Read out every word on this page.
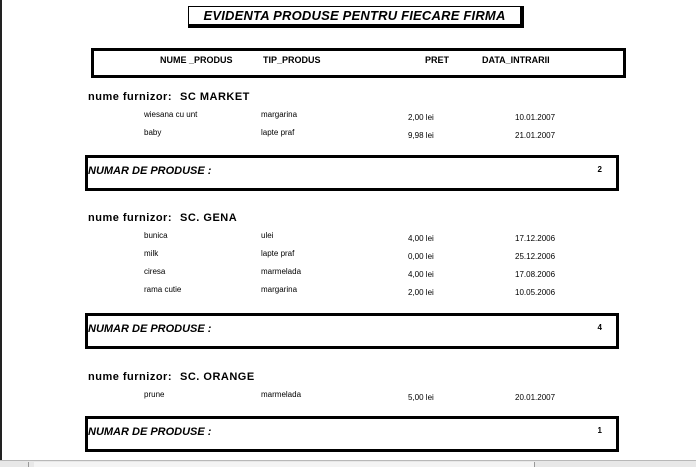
EVIDENTA PRODUSE PENTRU FIECARE FIRMA
NUME _PRODUS	TIP_PRODUS	PRET	DATA_INTRARII
nume furnizor: SC MARKET
wiesana cu unt	margarina	2,00 lei	10.01.2007
baby	lapte praf	9,98 lei	21.01.2007
NUMAR DE PRODUSE :	2
nume furnizor: SC. GENA
bunica	ulei	4,00 lei	17.12.2006
milk	lapte praf	0,00 lei	25.12.2006
ciresa	marmelada	4,00 lei	17.08.2006
rama cutie	margarina	2,00 lei	10.05.2006
NUMAR DE PRODUSE :	4
nume furnizor: SC. ORANGE
prune	marmelada	5,00 lei	20.01.2007
NUMAR DE PRODUSE :	1
